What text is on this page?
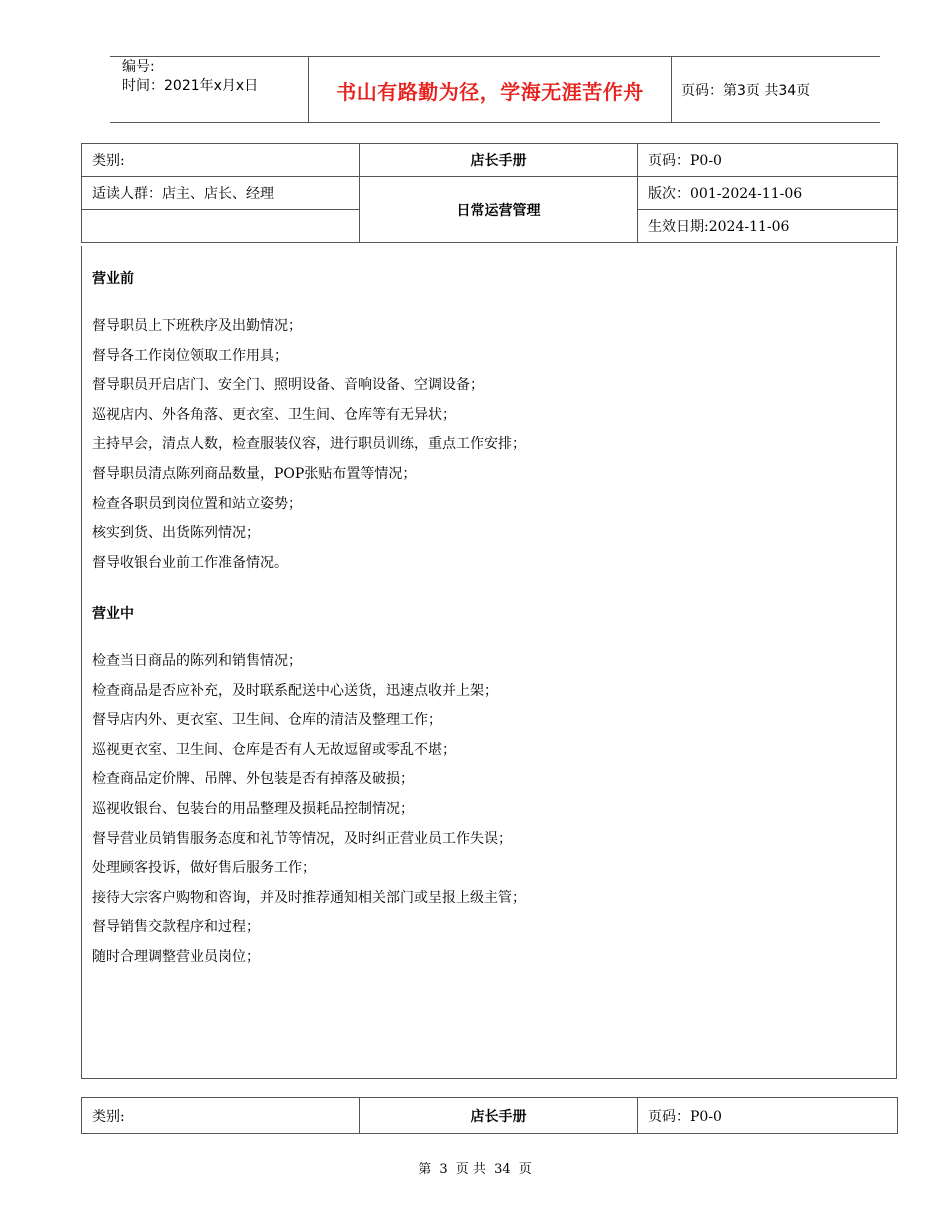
编号:
时间：2021年x月x日	书山有路勤为径，学海无涯苦作舟	页码：第3页 共34页
类别:	店长手册	页码：P0-0
适读人群：店主、店长、经理	日常运营管理	版次：001-2024-11-06
		生效日期:2024-11-06
营业前
督导职员上下班秩序及出勤情况；
督导各工作岗位领取工作用具；
督导职员开启店门、安全门、照明设备、音响设备、空调设备；
巡视店内、外各角落、更衣室、卫生间、仓库等有无异状；
主持早会，清点人数，检查服装仪容，进行职员训练，重点工作安排；
督导职员清点陈列商品数量，POP张贴布置等情况；
检查各职员到岗位置和站立姿势；
核实到货、出货陈列情况；
督导收银台业前工作准备情况。
营业中
检查当日商品的陈列和销售情况；
检查商品是否应补充，及时联系配送中心送货，迅速点收并上架；
督导店内外、更衣室、卫生间、仓库的清洁及整理工作；
巡视更衣室、卫生间、仓库是否有人无故逗留或零乱不堪；
检查商品定价牌、吊牌、外包装是否有掉落及破损；
巡视收银台、包装台的用品整理及损耗品控制情况；
督导营业员销售服务态度和礼节等情况，及时纠正营业员工作失误；
处理顾客投诉，做好售后服务工作；
接待大宗客户购物和咨询，并及时推荐通知相关部门或呈报上级主管；
督导销售交款程序和过程；
随时合理调整营业员岗位；
类别:	店长手册	页码：P0-0
第 3 页 共 34 页
